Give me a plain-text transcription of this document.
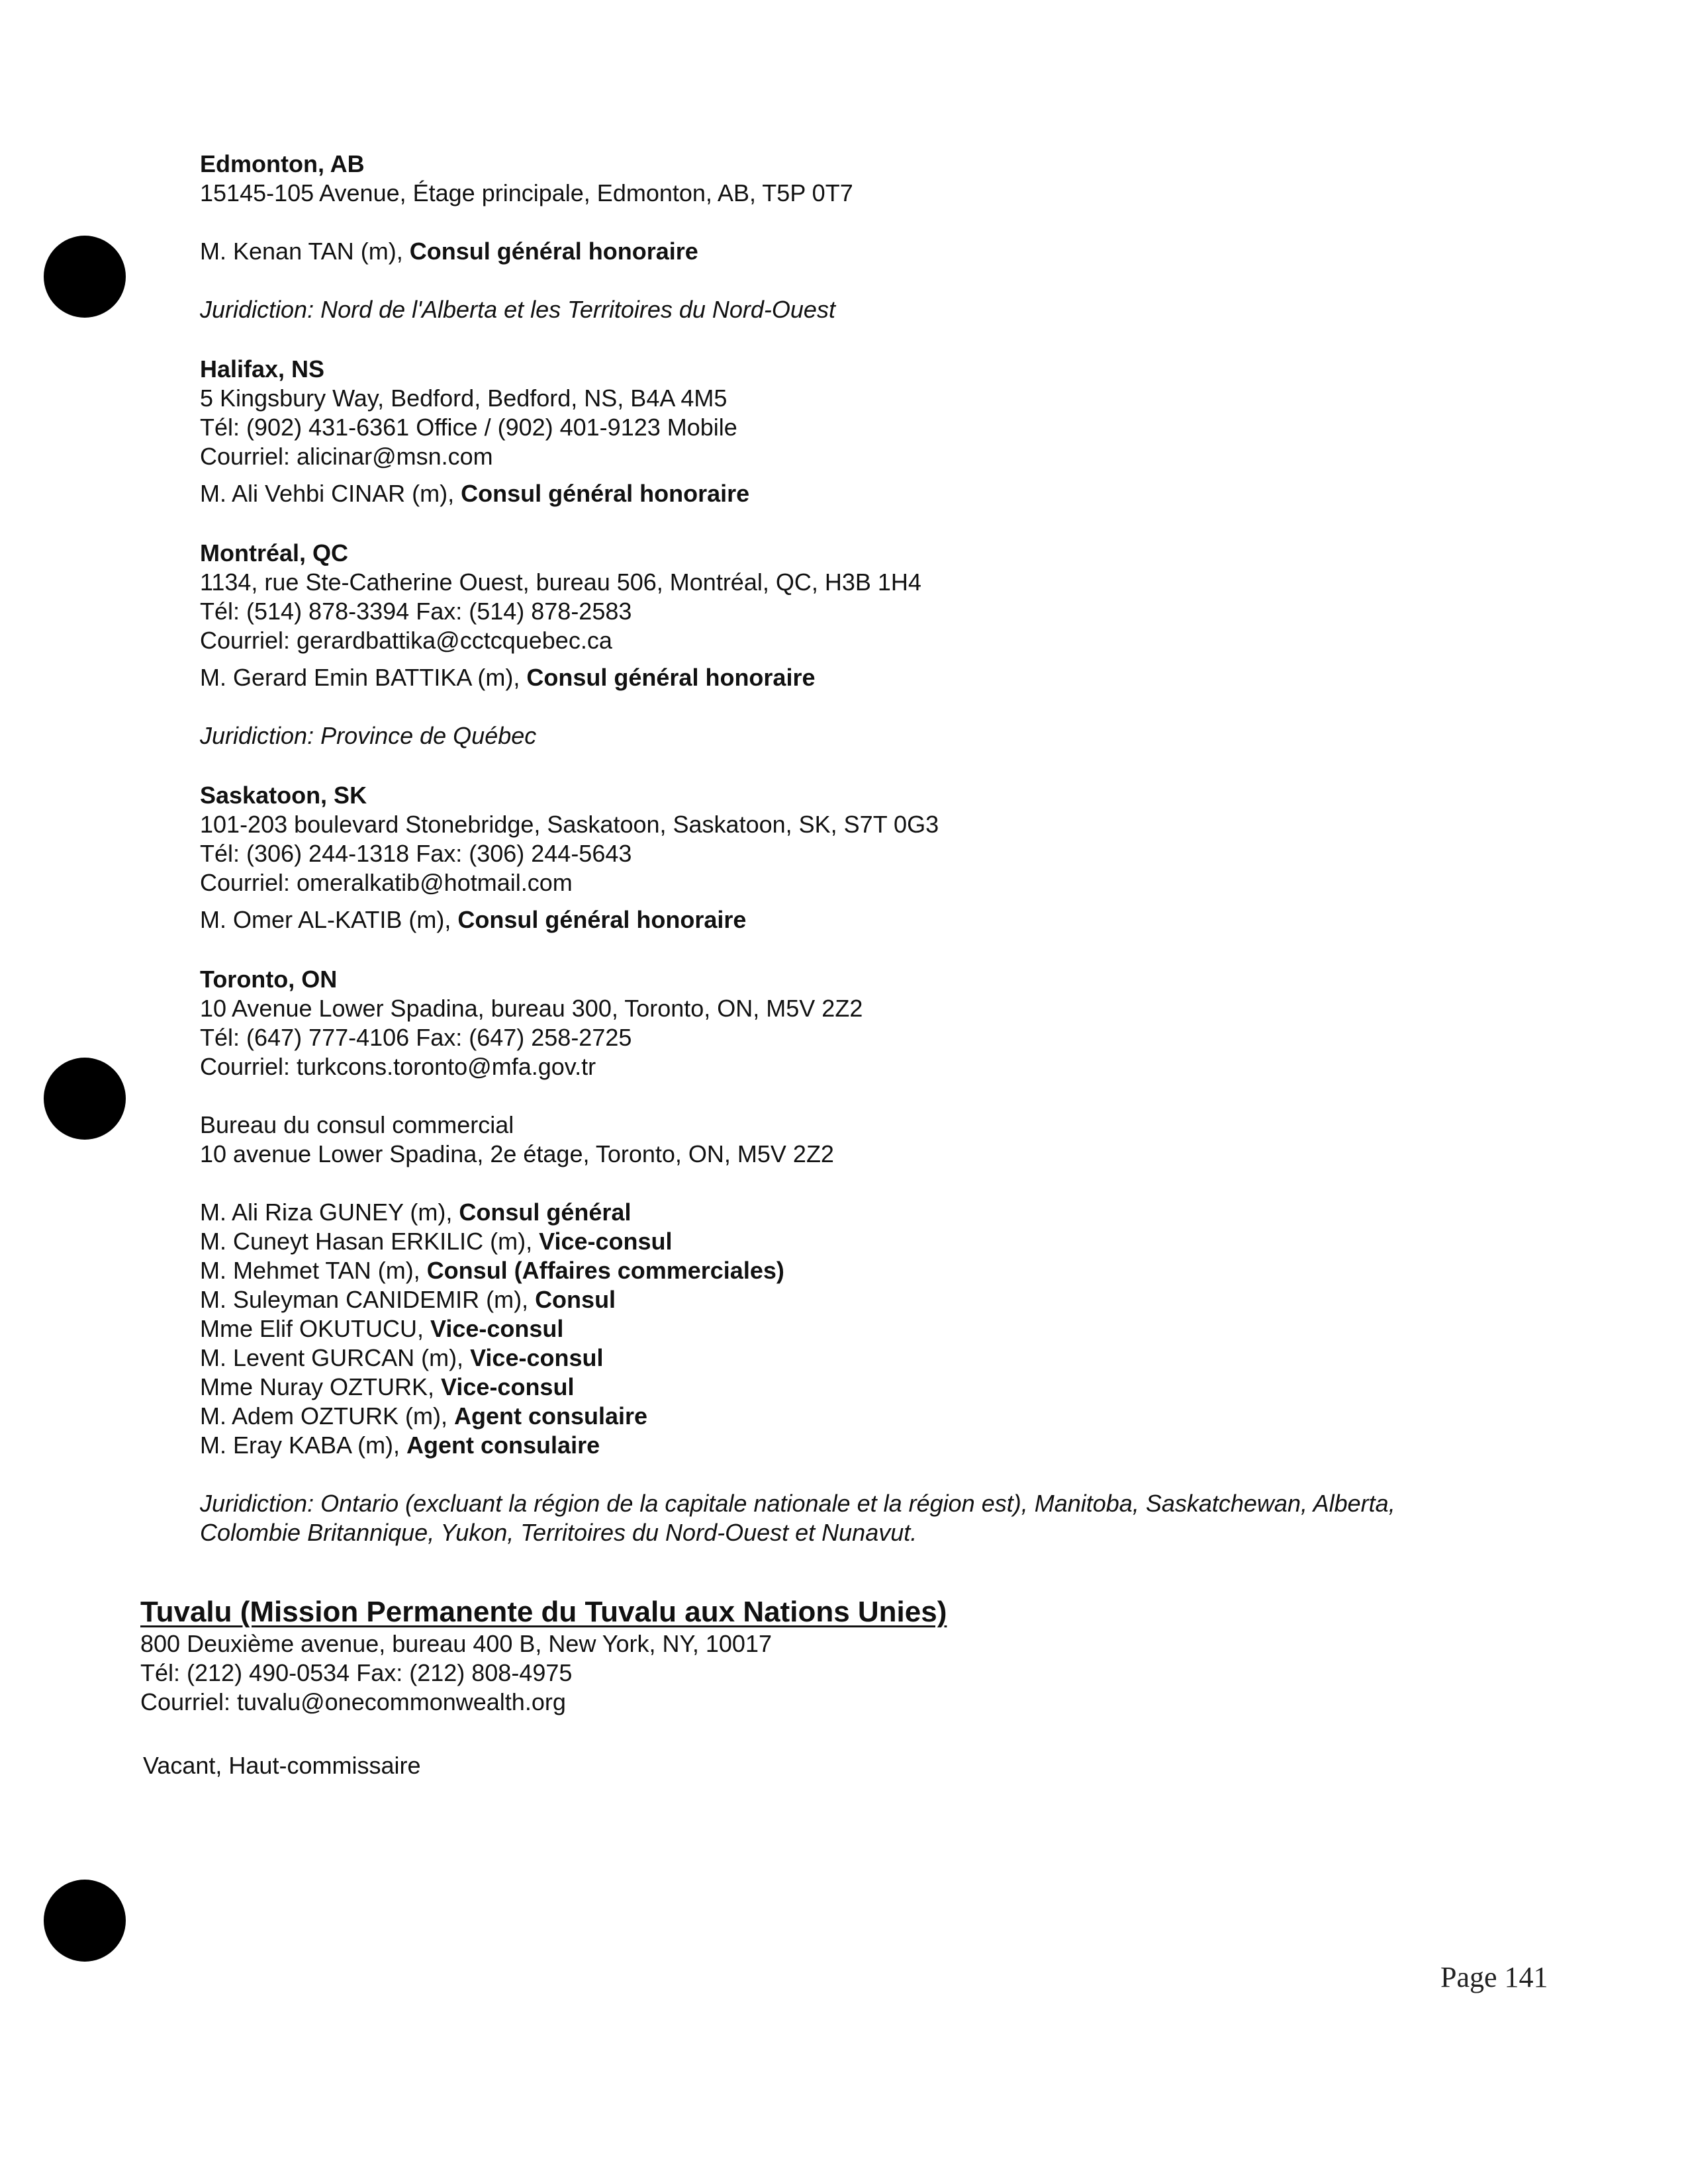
Edmonton, AB
15145-105 Avenue, Étage principale, Edmonton, AB, T5P 0T7
M. Kenan TAN (m), Consul général honoraire
Juridiction: Nord de l'Alberta et les Territoires du Nord-Ouest
Halifax, NS
5 Kingsbury Way, Bedford, Bedford, NS, B4A 4M5
Tél: (902) 431-6361 Office / (902) 401-9123 Mobile
Courriel: alicinar@msn.com
M. Ali Vehbi CINAR (m), Consul général honoraire
Montréal, QC
1134, rue Ste-Catherine Ouest, bureau 506, Montréal, QC, H3B 1H4
Tél: (514) 878-3394 Fax: (514) 878-2583
Courriel: gerardbattika@cctcquebec.ca
M. Gerard Emin BATTIKA (m), Consul général honoraire
Juridiction: Province de Québec
Saskatoon, SK
101-203 boulevard Stonebridge, Saskatoon, Saskatoon, SK, S7T 0G3
Tél: (306) 244-1318 Fax: (306) 244-5643
Courriel: omeralkatib@hotmail.com
M. Omer AL-KATIB (m), Consul général honoraire
Toronto, ON
10 Avenue Lower Spadina, bureau 300, Toronto, ON, M5V 2Z2
Tél: (647) 777-4106 Fax: (647) 258-2725
Courriel: turkcons.toronto@mfa.gov.tr
Bureau du consul commercial
10 avenue Lower Spadina, 2e étage, Toronto, ON, M5V 2Z2
M. Ali Riza GUNEY (m), Consul général
M. Cuneyt Hasan ERKILIC (m), Vice-consul
M. Mehmet TAN (m), Consul (Affaires commerciales)
M. Suleyman CANIDEMIR (m), Consul
Mme Elif OKUTUCU, Vice-consul
M. Levent GURCAN (m), Vice-consul
Mme Nuray OZTURK, Vice-consul
M. Adem OZTURK (m), Agent consulaire
M. Eray KABA (m), Agent consulaire
Juridiction: Ontario (excluant la région de la capitale nationale et la région est), Manitoba, Saskatchewan, Alberta, Colombie Britannique, Yukon, Territoires du Nord-Ouest et Nunavut.
Tuvalu (Mission Permanente du Tuvalu aux Nations Unies)
800 Deuxième avenue, bureau 400 B, New York, NY, 10017
Tél: (212) 490-0534 Fax: (212) 808-4975
Courriel: tuvalu@onecommonwealth.org
Vacant, Haut-commissaire
Page 141
